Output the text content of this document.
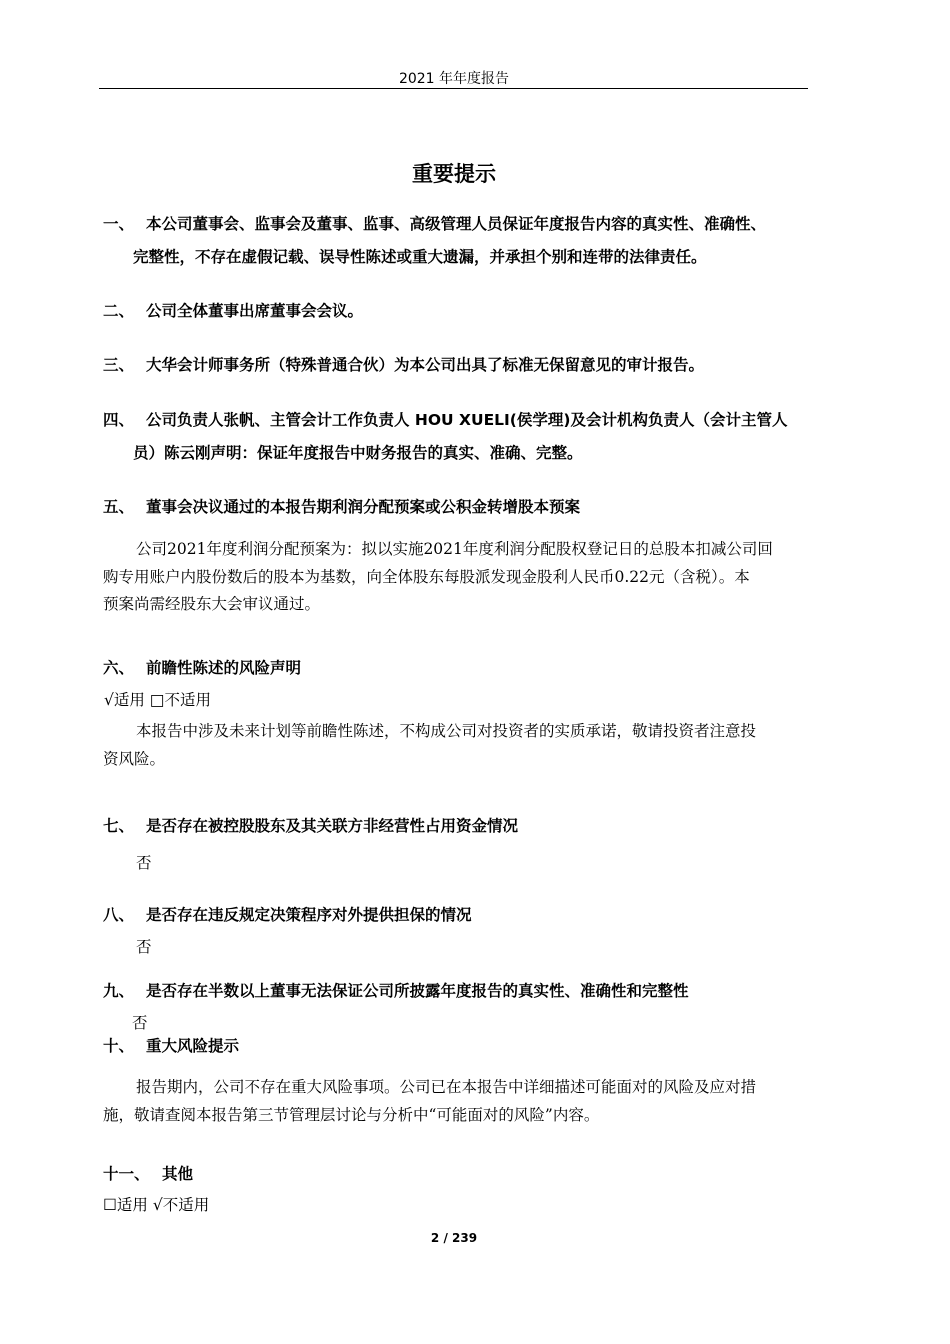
2021 年年度报告
重要提示
一、 本公司董事会、监事会及董事、监事、高级管理人员保证年度报告内容的真实性、准确性、
完整性，不存在虚假记载、误导性陈述或重大遗漏，并承担个别和连带的法律责任。
二、 公司全体董事出席董事会会议。
三、 大华会计师事务所（特殊普通合伙）为本公司出具了标准无保留意见的审计报告。
四、 公司负责人张帆、主管会计工作负责人 HOU XUELI(侯学理)及会计机构负责人（会计主管人
员）陈云刚声明：保证年度报告中财务报告的真实、准确、完整。
五、 董事会决议通过的本报告期利润分配预案或公积金转增股本预案
公司2021年度利润分配预案为：拟以实施2021年度利润分配股权登记日的总股本扣减公司回
购专用账户内股份数后的股本为基数，向全体股东每股派发现金股利人民币0.22元（含税）。本
预案尚需经股东大会审议通过。
六、 前瞻性陈述的风险声明
√适用 □不适用
本报告中涉及未来计划等前瞻性陈述，不构成公司对投资者的实质承诺，敬请投资者注意投
资风险。
七、 是否存在被控股股东及其关联方非经营性占用资金情况
否
八、 是否存在违反规定决策程序对外提供担保的情况
否
九、 是否存在半数以上董事无法保证公司所披露年度报告的真实性、准确性和完整性
否
十、 重大风险提示
报告期内，公司不存在重大风险事项。公司已在本报告中详细描述可能面对的风险及应对措
施，敬请查阅本报告第三节管理层讨论与分析中“可能面对的风险”内容。
十一、 其他
☐适用 √不适用
2 / 239
